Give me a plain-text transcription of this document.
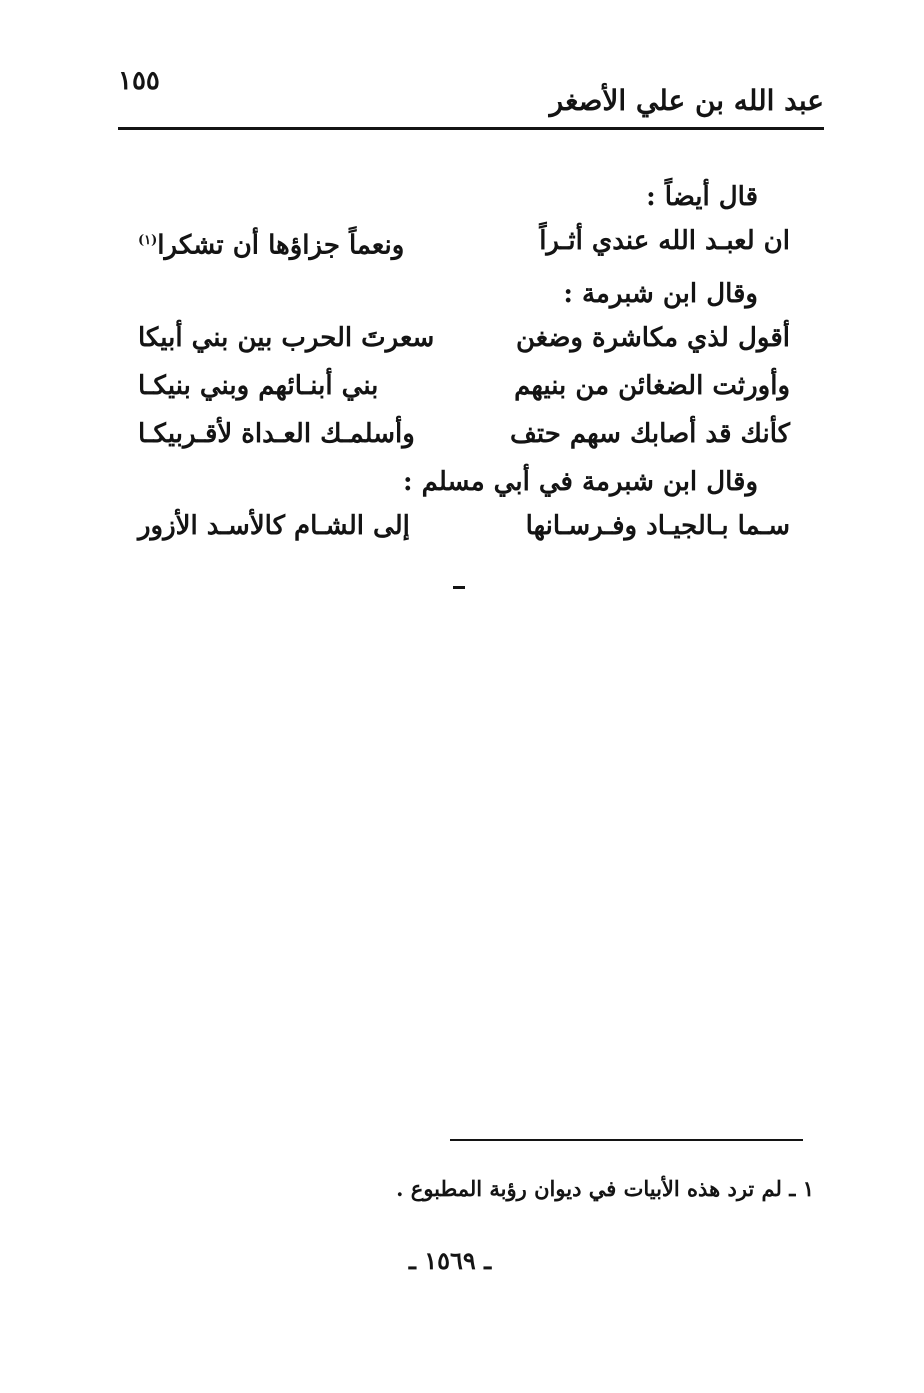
١٥٥
عبد الله بن علي الأصغر
قال أيضاً :
ان لعبـد الله عندي أثـراً
ونعماً جزاؤها أن تشكرا$^{(١)}$
وقال ابن شبرمة :
أقول لذي مكاشرة وضغن
سعرتَ الحرب بين بني أبيكا
وأورثت الضغائن من بنيهم
بني أبنـائهم وبني بنيكـا
كأنك قد أصابك سهم حتف
وأسلمـك العـداة لأقـربيكـا
وقال ابن شبرمة في أبي مسلم :
سـما بـالجيـاد وفـرسـانها
إلى الشـام كالأسـد الأزور
١ ـ لم ترد هذه الأبيات في ديوان رؤبة المطبوع .
ـ ١٥٦٩ ـ
